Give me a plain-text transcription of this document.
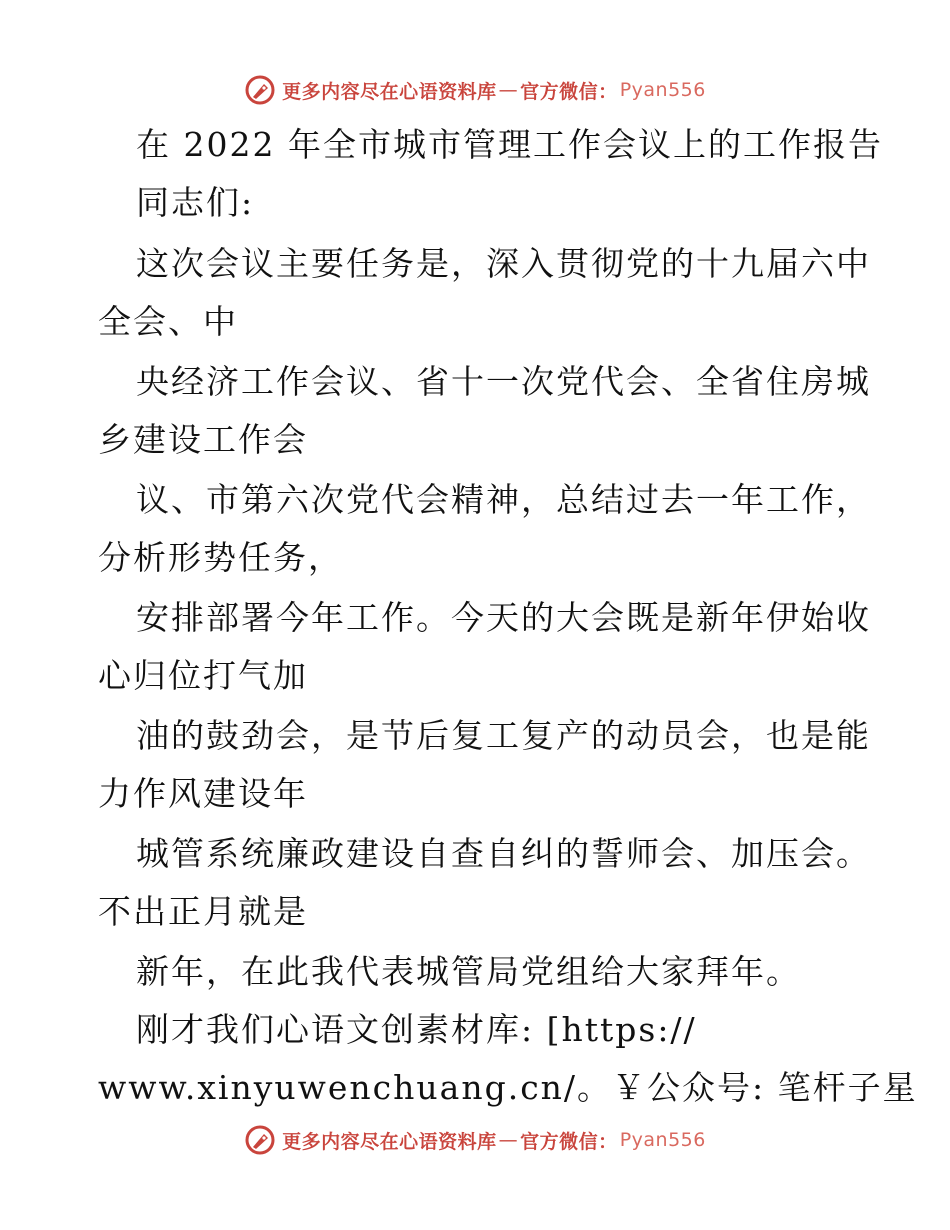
更多内容尽在心语资料库 — 官方微信： Pyan556
在 2022 年全市城市管理工作会议上的工作报告
同志们:
这次会议主要任务是，深入贯彻党的十九届六中
全会、中
央经济工作会议、省十一次党代会、全省住房城
乡建设工作会
议、市第六次党代会精神，总结过去一年工作，
分析形势任务，
安排部署今年工作。今天的大会既是新年伊始收
心归位打气加
油的鼓劲会，是节后复工复产的动员会，也是能
力作风建设年
城管系统廉政建设自查自纠的誓师会、加压会。
不出正月就是
新年，在此我代表城管局党组给大家拜年。
刚才我们心语文创素材库: [https://
www.xinyuwenchuang.cn/。￥公众号: 笔杆子星
更多内容尽在心语资料库 — 官方微信： Pyan556
